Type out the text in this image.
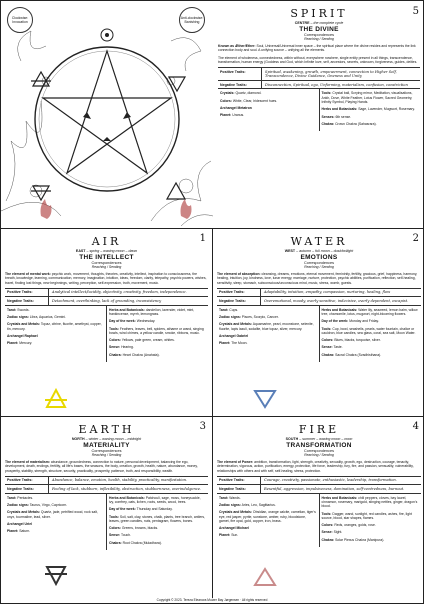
Clockwise: Invocation
Anti-clockwise: Banishing
5
SPIRIT
CENTRE – the complete cycle
THE DIVINE
Correspondences
Reaching / Sending
Known as Æther/Ether: Soul, Universal/Universal inner space – the spiritual place where the divine resides and represents the link connection body and soul. A unifying source – unifying all the elements.
The element of wholeness, connectedness, within without, everywhere nowhere, single entity present in all things, transcendence, transformation, human energy (Goddess and God, which Infinite love, self, ancestors, secrets, unknown, forgiveness, guides, deities.
Positive Traits:	Spiritual, awakening, growth, empowerment, connection to Higher Self, Transcendence, Divine Guidance, Oneness and Unity
Negative Traits:	Disconnection, Spiritual, ego, Unforming, materialism, confusion, constriction

Crystals: Quartz, diamond.

Colors: White, Clear, Iridescent hues.

Archangel Metatron

Planet: Uranus.

Tools: Crystal ball, Scrying mirror, Meditation, visualisations, Ankh, Dove, White Feather, Lotus Flower, Sacred Geometry, Infinity Symbol, Playing Hands.

Herbs and Botanicals: Sage, Lavender, Mugwort, Rosemary.

Senses: 6th sense.

Chakra: Crown Chakra (Sahasrara).

1
AIR
EAST – spring – waxing moon – dawn
THE INTELLECT
Correspondences
Reaching / Sending
The element of mental work: psychic work, movement, thoughts, theories, creativity, intellect, inspiration to consciousness, the breath, knowledge, learning, communication, memory, imagination, intuition, ideas, freedom, clarity, telepathy, psychic powers, wishes, travel, finding lost things, new beginnings, writing, perception, self-expression, truth, movement, music.
Positive Traits:	Analytical intellect/lucidity, objectivity, creativity, freedom, independence.
Negative Traits:	Detachment, overthinking, lack of grounding, inconsistency

Tarot: Swords.

Zodiac signs: Libra, Aquarius, Gemini.

Crystals and Metals: Topaz, citrine, fluorite, amethyst, copper, tin, mercury.

Archangel Raphael

Planet: Mercury.

Herbs and Botanicals: dandelion, lavender, violet, mint, frankincense, myrrh, lemongrass.

Day of the week: Wednesday.

Tools: Feathers, leaves, bell, spiders, athame or wand, singing bowls, wind chimes, a yellow candle, smoke, ribbons, music.

Colors: Yellows, pale green, cream, whites.

Sense: Hearing.

Chakra: Heart Chakra (Anahata).

2
WATER
WEST – autumn – full moon – dusk/twilight
EMOTIONS
Correspondences
Reaching / Sending
The element of absorption: cleansing, dreams, emotions, eternal movement, femininity, fertility, gracious, grief, happiness, harmony, healing, intuition, joy, kindness, love, lunar energy, marriage, nurture, protection, psychic abilities, purification, reflection, self-healing, sensitivity, sleep, stomach, subconscious/unconscious mind, music, stress, womb, guests.
Positive Traits:	Adaptability, intuition, empathy, compassion, nurturing, healing, flow
Negative Traits:	Overemotional, moody, overly sensitive, indecisive, overly dependent, escapist.

Tarot: Cups.

Zodiac signs: Pisces, Scorpio, Cancer.

Crystals and Metals: Aquamarine, pearl, moonstone, selenite, fluorite, lapis lazuli, sodalite, blue topaz, silver, mercury.

Archangel Gabriel

Planet: The Moon.

Herbs and Botanicals: Water lily, seaweed, lemon balm, willow tree, chamomile, lotus, mugwort, night-blooming flowers.

Day of the week: Monday and Friday.

Tools: Cup, bowl, seashells, pearls, water fountain, chalice or cauldron, blue candles, sea glass, coral, sea salt, Moon Water.

Colors: Blues, blacks, turquoise, silver.

Sense: Taste.

Chakra: Sacral Chakra (Svadhisthana).

3
EARTH
NORTH – winter – waning moon – midnight
MATERIALITY
Correspondences
Reaching / Sending
The element of materialism: abundance, groundedness, connection to nature, personal development, balancing the ego, development, death, endings, fertility, all life's bases, the seasons, the body, creation, growth, health, nature, abundance, money, prosperity, stability, strength, structure, security, practicality, prosperity, patience, truth, and responsibility, wealth.
Positive Traits:	Abundance, balance, emotion, health, stability, practicality, manifestation.
Negative Traits:	Feeling of lack, stubborn, inflexibility, obstruction, stubbornness, overindulgence.

Tarot: Pentacles.

Zodiac signs: Taurus, Virgo, Capricorn.

Crystals and Metals: Quartz, jade, petrified wood, rock salt, onyx, tourmaline, lead, silver.

Archangel Uriel

Planet: Saturn.

Herbs and Botanicals: Patchouli, sage, moss, honeysuckle, ivy, comfrey, oats, lichen, roots, seeds, wood, trees.

Day of the week: Thursday and Saturday.

Tools: Soil, salt, clay, stones, chalk, plants, tree branch, antlers, leaves, green candles, nuts, pentagram, flowers, bones.

Colors: Greens, browns, blacks.

Sense: Touch.

Chakra: Root Chakra (Muladhara).

4
FIRE
SOUTH – summer – waxing moon – noon
TRANSFORMATION
Correspondences
Reaching / Sending
The element of Power: ambition, transformation, light, strength, creativity, sexuality, growth, ego, destruction, courage, tenacity, determination, vigorous, action, purification, energy, protection, life force, leadership, fury, fire, and passion, sensuality, vulnerability, relationships with others and with self, self-healing, stress, protection.
Positive Traits:	Courage, creativity, passionate, enthusiastic, leadership, transformation.
Negative Traits:	Resentful, aggression, impulsiveness, domination, self-centredness, burnout.

Tarot: Wands.

Zodiac signs: Aries, Leo, Sagittarius.

Crystals and Metals: Obsidian, orange calcite, carnelian, tiger's eye, red jasper, pyrite, sunstone, amber, ruby, bloodstone, garnet, fire opal, gold, copper, iron, brass.

Archangel Michael

Planet: Sun.

Herbs and Botanicals: chili peppers, cloves, bay laurel, cinnamon, rosemary, marigold, stinging nettles, ginger, dragon's blood.

Tools: Dagger, wand, sunlight, red candles, ashes, fire, light source, blood, star shapes, flames.

Colors: Reds, oranges, golds, rose.

Sense: Sight.

Chakra: Solar Plexus Chakra (Manipura).

Copyright © 2023. Tereza Eleanora Mulzer Bay Jørgensen · All rights reserved
